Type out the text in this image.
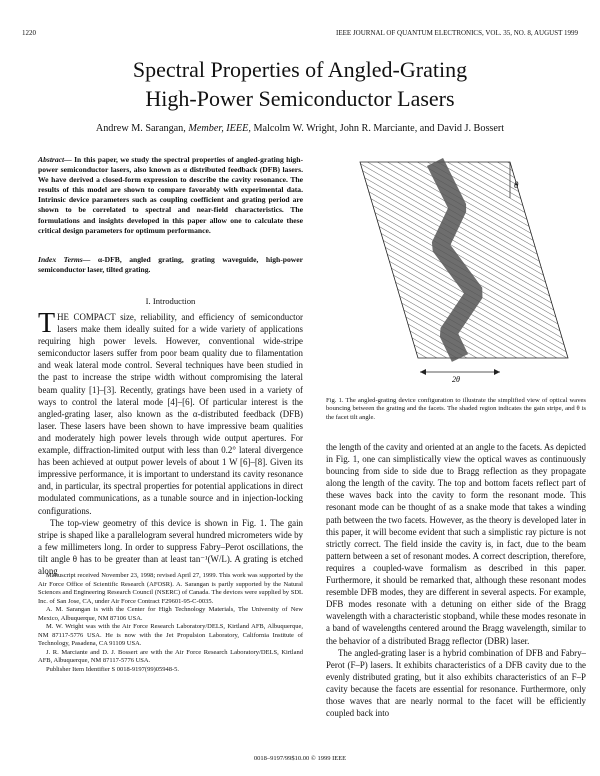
1220	IEEE JOURNAL OF QUANTUM ELECTRONICS, VOL. 35, NO. 8, AUGUST 1999
Spectral Properties of Angled-Grating
High-Power Semiconductor Lasers
Andrew M. Sarangan, Member, IEEE, Malcolm W. Wright, John R. Marciante, and David J. Bossert
Abstract— In this paper, we study the spectral properties of angled-grating high-power semiconductor lasers, also known as α distributed feedback (DFB) lasers. We have derived a closed-form expression to describe the cavity resonance. The results of this model are shown to compare favorably with experimental data. Intrinsic device parameters such as coupling coefficient and grating period are shown to be correlated to spectral and near-field characteristics. The formulations and insights developed in this paper allow one to calculate these critical design parameters for optimum performance.
Index Terms— α-DFB, angled grating, grating waveguide, high-power semiconductor laser, tilted grating.
I. Introduction

THE COMPACT size, reliability, and efficiency of semiconductor lasers make them ideally suited for a wide variety of applications requiring high power levels. However, conventional wide-stripe semiconductor lasers suffer from poor beam quality due to filamentation and weak lateral mode control. Several techniques have been studied in the past to increase the stripe width without compromising the lateral beam quality [1]–[3]. Recently, gratings have been used in a variety of ways to control the lateral mode [4]–[6]. Of particular interest is the angled-grating laser, also known as the α-distributed feedback (DFB) laser. These lasers have been shown to have impressive beam qualities and moderately high power levels through wide output apertures. For example, diffraction-limited output with less than 0.2° lateral divergence has been achieved at output power levels of about 1 W [6]–[8]. Given its impressive performance, it is important to understand its cavity resonance and, in particular, its spectral properties for potential applications in direct modulated communications, as a tunable source and in injection-locking configurations.

The top-view geometry of this device is shown in Fig. 1. The gain stripe is shaped like a parallelogram several hundred micrometers wide by a few millimeters long. In order to suppress Fabry–Perot oscillations, the tilt angle θ has to be greater than at least tan⁻¹(W/L). A grating is etched along

Manuscript received November 23, 1998; revised April 27, 1999. This work was supported by the Air Force Office of Scientific Research (AFOSR). A. Sarangan is partly supported by the Natural Sciences and Engineering Research Council (NSERC) of Canada. The devices were supplied by SDL Inc. of San Jose, CA, under Air Force Contract F29601-95-C-0035.

A. M. Sarangan is with the Center for High Technology Materials, The University of New Mexico, Albuquerque, NM 87106 USA.

M. W. Wright was with the Air Force Research Laboratory/DELS, Kirtland AFB, Albuquerque, NM 87117-5776 USA. He is now with the Jet Propulsion Laboratory, California Institute of Technology, Pasadena, CA 91109 USA.

J. R. Marciante and D. J. Bossert are with the Air Force Research Laboratory/DELS, Kirtland AFB, Albuquerque, NM 87117-5776 USA.

Publisher Item Identifier S 0018-9197(99)05948-5.

θ
2θ
Fig. 1. The angled-grating device configuration to illustrate the simplified view of optical waves bouncing between the grating and the facets. The shaded region indicates the gain stripe, and θ is the facet tilt angle.

the length of the cavity and oriented at an angle to the facets. As depicted in Fig. 1, one can simplistically view the optical waves as continuously bouncing from side to side due to Bragg reflection as they propagate along the length of the cavity. The top and bottom facets reflect part of these waves back into the cavity to form the resonant mode. This resonant mode can be thought of as a snake mode that takes a winding path between the two facets. However, as the theory is developed later in this paper, it will become evident that such a simplistic ray picture is not strictly correct. The field inside the cavity is, in fact, due to the beam pattern between a set of resonant modes. A correct description, therefore, requires a coupled-wave formalism as described in this paper. Furthermore, it should be remarked that, although these resonant modes resemble DFB modes, they are different in several aspects. For example, DFB modes resonate with a detuning on either side of the Bragg wavelength with a characteristic stopband, while these modes resonate in a band of wavelengths centered around the Bragg wavelength, similar to the behavior of a distributed Bragg reflector (DBR) laser.

The angled-grating laser is a hybrid combination of DFB and Fabry–Perot (F–P) lasers. It exhibits characteristics of a DFB cavity due to the evenly distributed grating, but it also exhibits characteristics of an F–P cavity because the facets are essential for resonance. Furthermore, only those waves that are nearly normal to the facet will be efficiently coupled back into

0018–9197/99$10.00 © 1999 IEEE
